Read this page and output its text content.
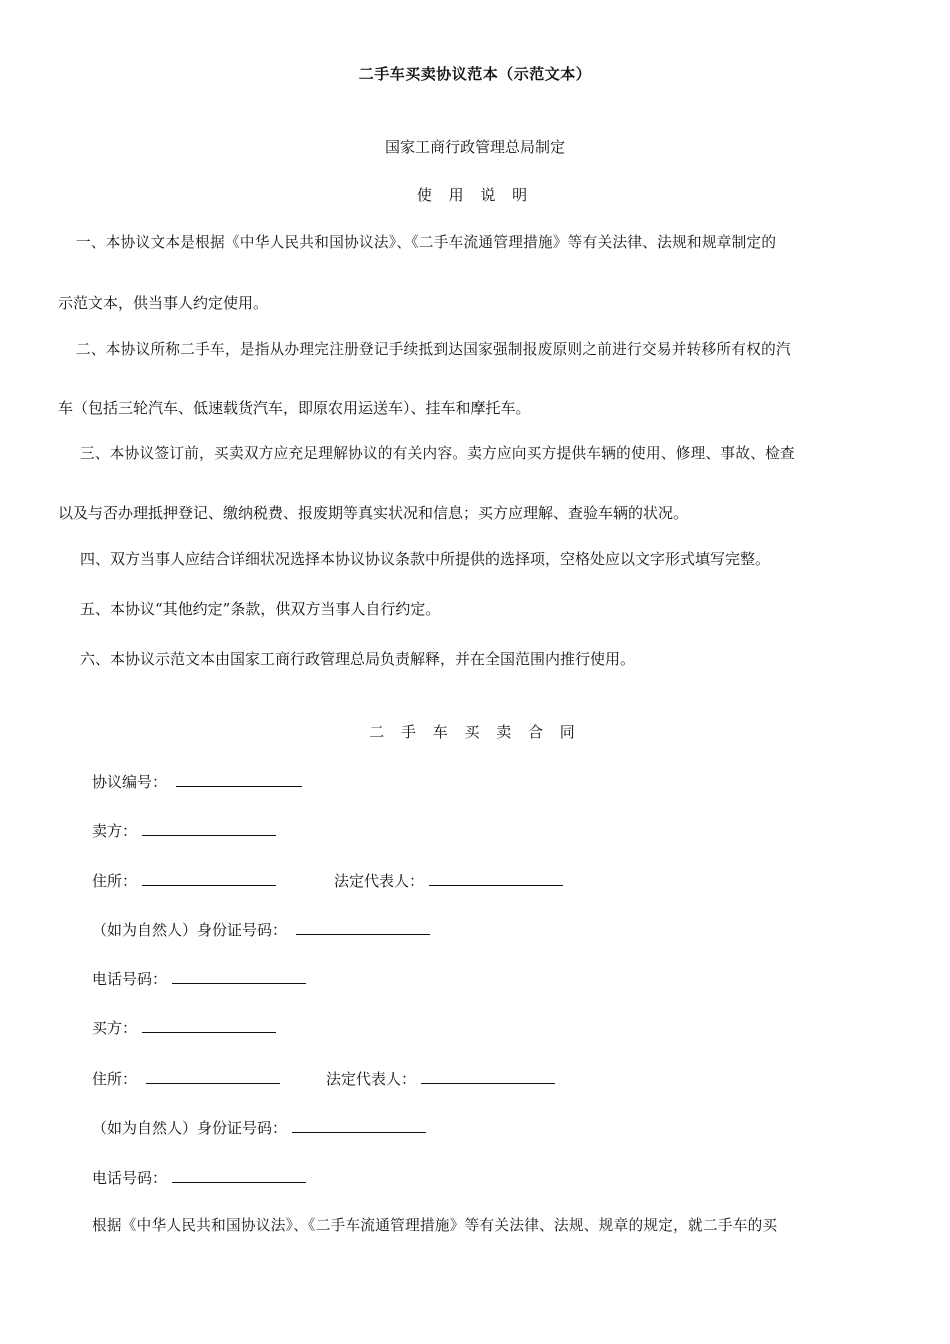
二手车买卖协议范本（示范文本）
国家工商行政管理总局制定
使 用 说 明
一、本协议文本是根据《中华人民共和国协议法》、《二手车流通管理措施》等有关法律、法规和规章制定的
示范文本，供当事人约定使用。
二、本协议所称二手车，是指从办理完注册登记手续抵到达国家强制报废原则之前进行交易并转移所有权的汽
车（包括三轮汽车、低速载货汽车，即原农用运送车）、挂车和摩托车。
三、本协议签订前，买卖双方应充足理解协议的有关内容。卖方应向买方提供车辆的使用、修理、事故、检查
以及与否办理抵押登记、缴纳税费、报废期等真实状况和信息；买方应理解、查验车辆的状况。
四、双方当事人应结合详细状况选择本协议协议条款中所提供的选择项，空格处应以文字形式填写完整。
五、本协议“其他约定”条款，供双方当事人自行约定。
六、本协议示范文本由国家工商行政管理总局负责解释，并在全国范围内推行使用。
二 手 车 买 卖 合 同
协议编号：
卖方：
住所：	法定代表人：
（如为自然人）身份证号码：
电话号码：
买方：
住所：	法定代表人：
（如为自然人）身份证号码：
电话号码：
根据《中华人民共和国协议法》、《二手车流通管理措施》等有关法律、法规、规章的规定，就二手车的买
